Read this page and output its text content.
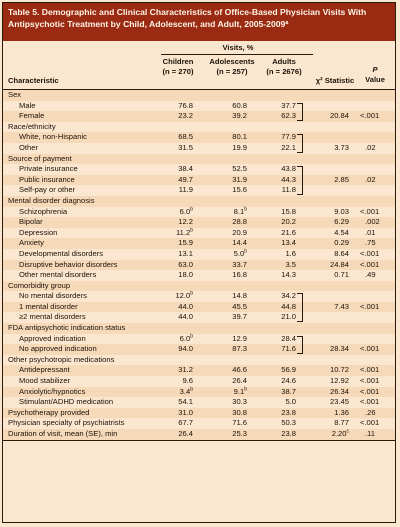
Table 5. Demographic and Clinical Characteristics of Office-Based Physician Visits With Antipsychotic Treatment by Child, Adolescent, and Adult, 2005-2009ª
Visits, %
Children
(n = 270)
Adolescents
(n = 257)
Adults
(n = 2676)
χ² Statistic
P
Value
Characteristic
Sex
Male	76.8	60.8	37.7
Female	23.2	39.2	62.3	20.84 <.001
Race/ethnicity
White, non-Hispanic	68.5	80.1	77.9
Other	31.5	19.9	22.1	3.73 .02
Source of payment
Private insurance	38.4	52.5	43.8
Public insurance	49.7	31.9	44.3	2.85 .02
Self-pay or other	11.9	15.6	11.8
Mental disorder diagnosis
Schizophrenia	6.0$^b$	8.1$^b$	15.8	9.03 <.001
Bipolar	12.2	28.8	20.2	6.29 .002
Depression	11.2$^b$	20.9	21.6	4.54 .01
Anxiety	15.9	14.4	13.4	0.29 .75
Developmental disorders	13.1	5.0$^b$	1.6	8.64 <.001
Disruptive behavior disorders	63.0	33.7	3.5	24.84 <.001
Other mental disorders	18.0	16.8	14.3	0.71 .49
Comorbidity group
No mental disorders	12.0$^b$	14.8	34.2
1 mental disorder	44.0	45.5	44.8	7.43 <.001
≥2 mental disorders	44.0	39.7	21.0
FDA antipsychotic indication status
Approved indication	6.0$^b$	12.9	28.4
No approved indication	94.0	87.3	71.6	28.34 <.001
Other psychotropic medications
Antidepressant	31.2	46.6	56.9	10.72 <.001
Mood stabilizer	9.6	26.4	24.6	12.92 <.001
Anxiolytic/hypnotics	3.4$^b$	9.1$^b$	38.7	26.34 <.001
Stimulant/ADHD medication	54.1	30.3	5.0	23.45 <.001
Psychotherapy provided	31.0	30.8	23.8	1.36 .26
Physician specialty of psychiatrists	67.7	71.6	50.3	8.77 <.001
Duration of visit, mean (SE), min	26.4	25.3	23.8	2.20$^c$ .11
